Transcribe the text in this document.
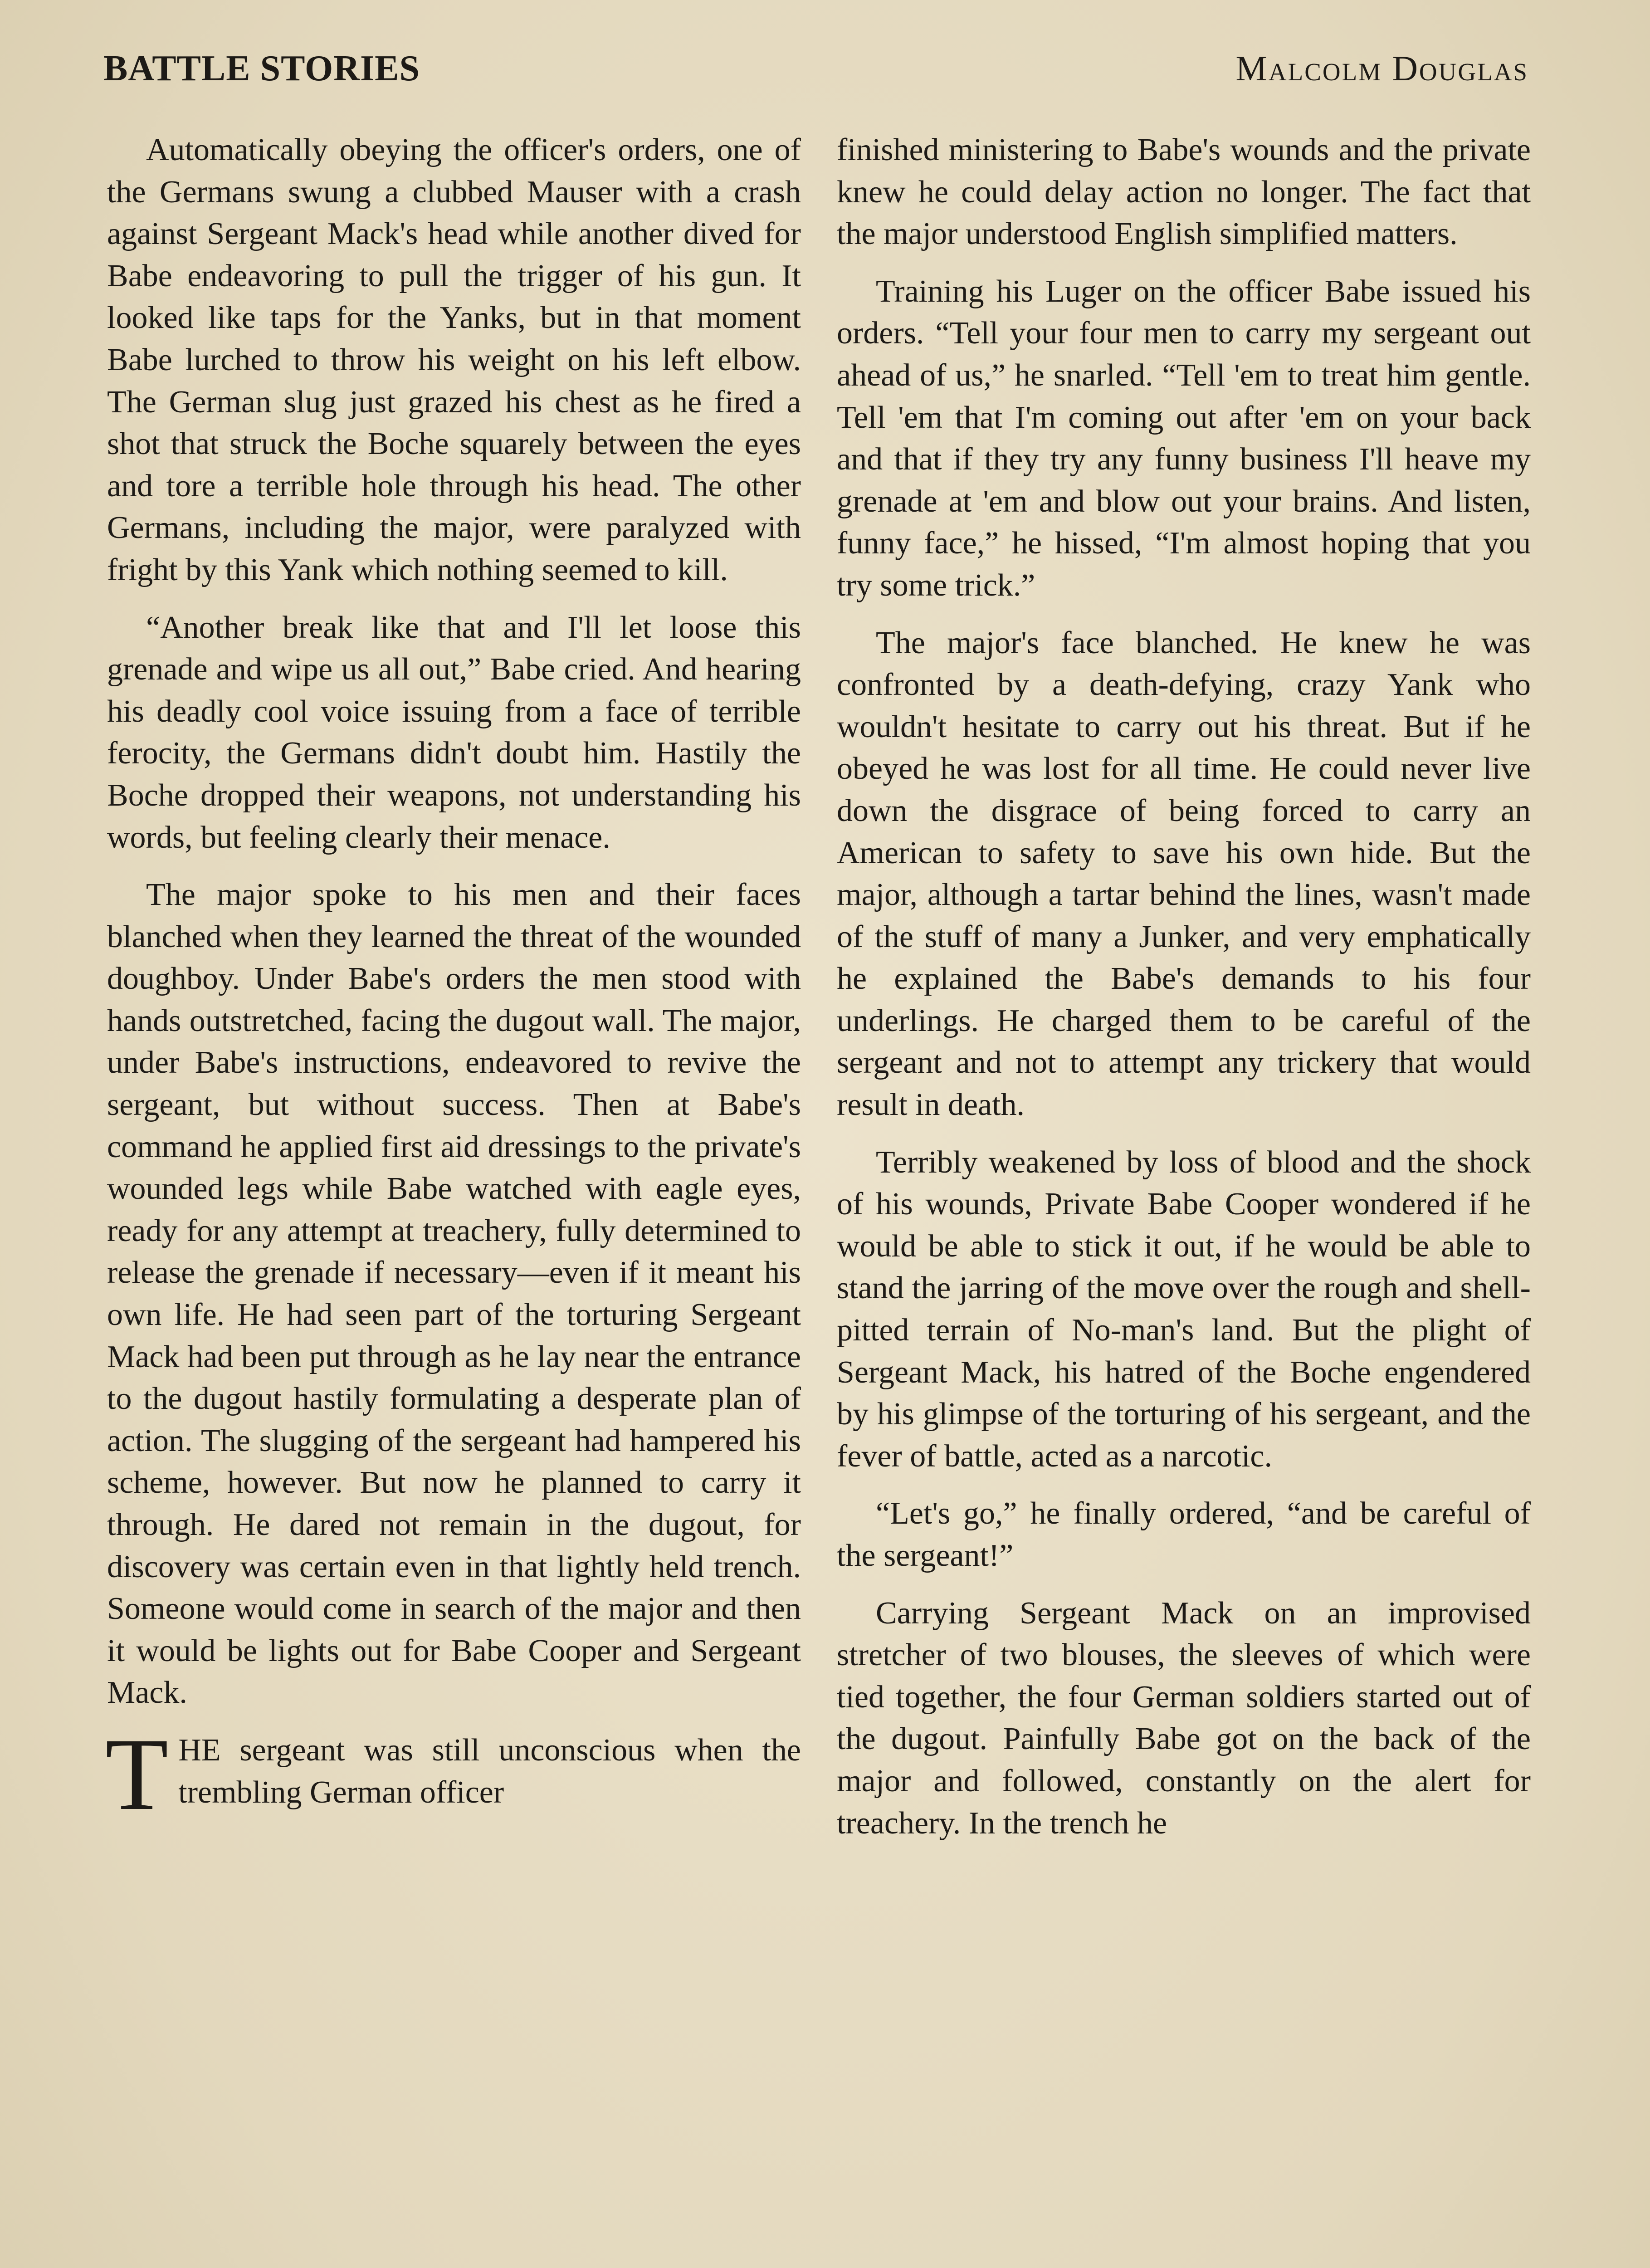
BATTLE STORIES	Malcolm Douglas

Automatically obeying the officer's orders, one of the Germans swung a clubbed Mauser with a crash against Sergeant Mack's head while another dived for Babe endeavoring to pull the trigger of his gun. It looked like taps for the Yanks, but in that moment Babe lurched to throw his weight on his left elbow. The German slug just grazed his chest as he fired a shot that struck the Boche squarely between the eyes and tore a terrible hole through his head. The other Germans, including the major, were paralyzed with fright by this Yank which nothing seemed to kill.

“Another break like that and I'll let loose this grenade and wipe us all out,” Babe cried. And hearing his deadly cool voice issuing from a face of terrible ferocity, the Germans didn't doubt him. Hastily the Boche dropped their weapons, not understanding his words, but feeling clearly their menace.

The major spoke to his men and their faces blanched when they learned the threat of the wounded doughboy. Under Babe's orders the men stood with hands outstretched, facing the dugout wall. The major, under Babe's instructions, endeavored to revive the sergeant, but without success. Then at Babe's command he applied first aid dressings to the private's wounded legs while Babe watched with eagle eyes, ready for any attempt at treachery, fully determined to release the grenade if necessary—even if it meant his own life. He had seen part of the torturing Sergeant Mack had been put through as he lay near the entrance to the dugout hastily formulating a desperate plan of action. The slugging of the sergeant had hampered his scheme, however. But now he planned to carry it through. He dared not remain in the dugout, for discovery was certain even in that lightly held trench. Someone would come in search of the major and then it would be lights out for Babe Cooper and Sergeant Mack.

THE sergeant was still unconscious when the trembling German officer

finished ministering to Babe's wounds and the private knew he could delay action no longer. The fact that the major understood English simplified matters.

Training his Luger on the officer Babe issued his orders. “Tell your four men to carry my sergeant out ahead of us,” he snarled. “Tell 'em to treat him gentle. Tell 'em that I'm coming out after 'em on your back and that if they try any funny business I'll heave my grenade at 'em and blow out your brains. And listen, funny face,” he hissed, “I'm almost hoping that you try some trick.”

The major's face blanched. He knew he was confronted by a death-defying, crazy Yank who wouldn't hesitate to carry out his threat. But if he obeyed he was lost for all time. He could never live down the disgrace of being forced to carry an American to safety to save his own hide. But the major, although a tartar behind the lines, wasn't made of the stuff of many a Junker, and very emphatically he explained the Babe's demands to his four underlings. He charged them to be careful of the sergeant and not to attempt any trickery that would result in death.

Terribly weakened by loss of blood and the shock of his wounds, Private Babe Cooper wondered if he would be able to stick it out, if he would be able to stand the jarring of the move over the rough and shell-pitted terrain of No-man's land. But the plight of Sergeant Mack, his hatred of the Boche engendered by his glimpse of the torturing of his sergeant, and the fever of battle, acted as a narcotic.

“Let's go,” he finally ordered, “and be careful of the sergeant!”

Carrying Sergeant Mack on an improvised stretcher of two blouses, the sleeves of which were tied together, the four German soldiers started out of the dugout. Painfully Babe got on the back of the major and followed, constantly on the alert for treachery. In the trench he
